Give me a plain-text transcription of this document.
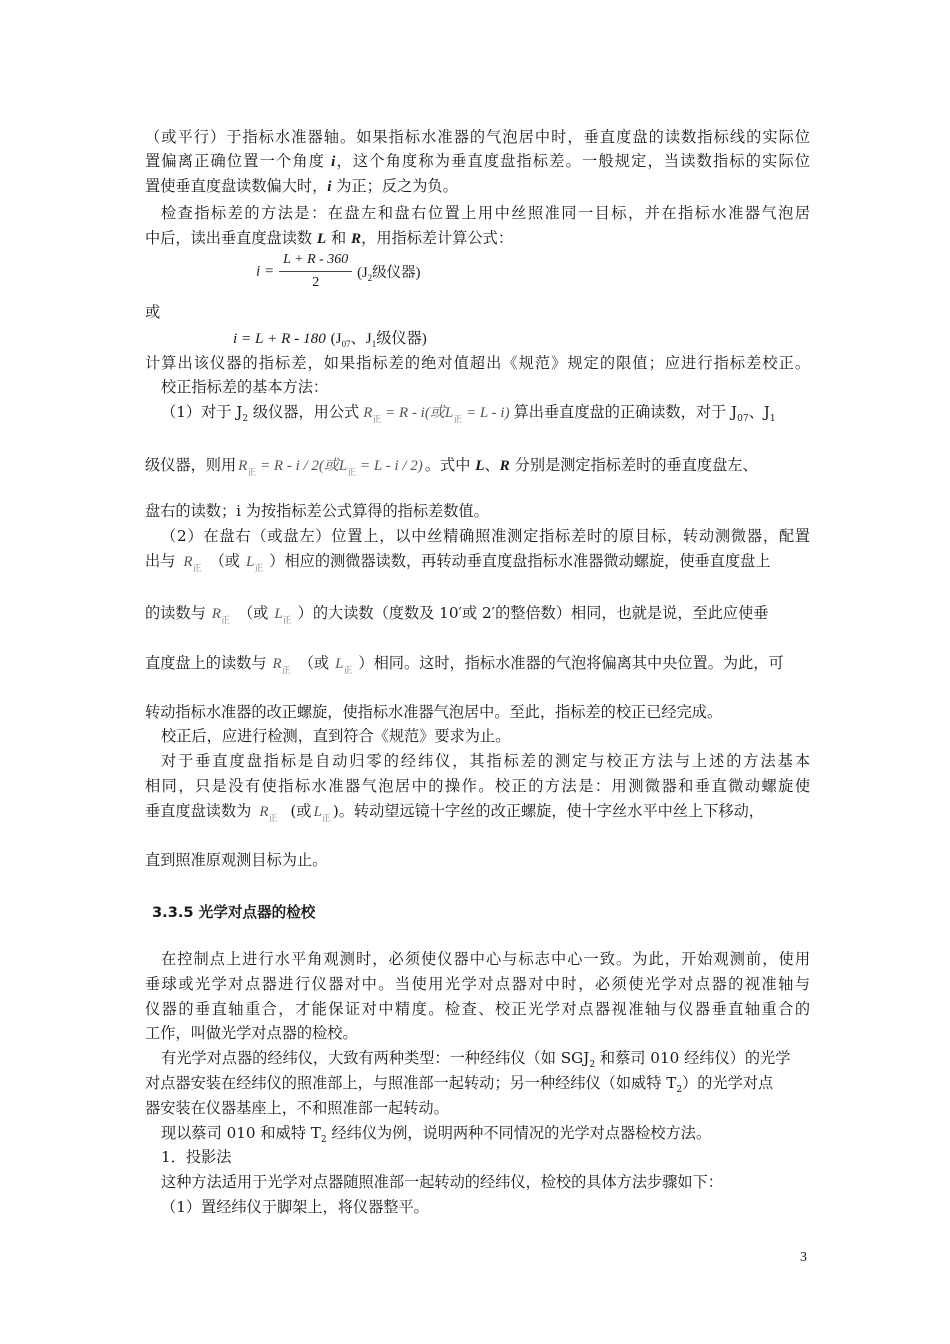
（或平行）于指标水准器轴。如果指标水准器的气泡居中时，垂直度盘的读数指标线的实际位

置偏离正确位置一个角度 i，这个角度称为垂直度盘指标差。一般规定，当读数指标的实际位

置使垂直度盘读数偏大时，i 为正；反之为负。

检查指标差的方法是：在盘左和盘右位置上用中丝照准同一目标，并在指标水准器气泡居

中后，读出垂直度盘读数 L 和 R，用指标差计算公式：

$i = \frac{L + R - 360}{2} (J_2$级仪器)

或

i = L + R - 180 ($J_{07}$、$J_1$级仪器)

计算出该仪器的指标差，如果指标差的绝对值超出《规范》规定的限值；应进行指标差校正。

校正指标差的基本方法：

（1）对于 $J_2$ 级仪器，用公式 $R_正 = R - i$(或$L_正 = L - i$) 算出垂直度盘的正确读数，对于 $J_{07}$、$J_1$

级仪器，则用 $R_正 = R - i / 2$(或$L_正 = L - i / 2$) 。式中 L、R 分别是测定指标差时的垂直度盘左、

盘右的读数；i 为按指标差公式算得的指标差数值。

（2）在盘右（或盘左）位置上，以中丝精确照准测定指标差时的原目标，转动测微器，配置

出与 $R_正$ （或 $L_正$ ）相应的测微器读数，再转动垂直度盘指标水准器微动螺旋，使垂直度盘上

的读数与 $R_正$ （或 $L_正$ ）的大读数（度数及 10′或 2′的整倍数）相同，也就是说，至此应使垂

直度盘上的读数与 $R_正$ （或 $L_正$ ）相同。这时，指标水准器的气泡将偏离其中央位置。为此，可

转动指标水准器的改正螺旋，使指标水准器气泡居中。至此，指标差的校正已经完成。

校正后，应进行检测，直到符合《规范》要求为止。

对于垂直度盘指标是自动归零的经纬仪，其指标差的测定与校正方法与上述的方法基本

相同，只是没有使指标水准器气泡居中的操作。校正的方法是：用测微器和垂直微动螺旋使

垂直度盘读数为 $R_正$ (或 $L_正$ )。转动望远镜十字丝的改正螺旋，使十字丝水平中丝上下移动，

直到照准原观测目标为止。

3.3.5 光学对点器的检校

在控制点上进行水平角观测时，必须使仪器中心与标志中心一致。为此，开始观测前，使用

垂球或光学对点器进行仪器对中。当使用光学对点器对中时，必须使光学对点器的视准轴与

仪器的垂直轴重合，才能保证对中精度。检查、校正光学对点器视准轴与仪器垂直轴重合的

工作，叫做光学对点器的检校。

有光学对点器的经纬仪，大致有两种类型：一种经纬仪（如 $SGJ_2$ 和蔡司 010 经纬仪）的光学

对点器安装在经纬仪的照准部上，与照准部一起转动；另一种经纬仪（如威特 $T_2$）的光学对点

器安装在仪器基座上，不和照准部一起转动。

现以蔡司 010 和威特 $T_2$ 经纬仪为例，说明两种不同情况的光学对点器检校方法。

1．投影法

这种方法适用于光学对点器随照准部一起转动的经纬仪，检校的具体方法步骤如下：

（1）置经纬仪于脚架上，将仪器整平。

3
